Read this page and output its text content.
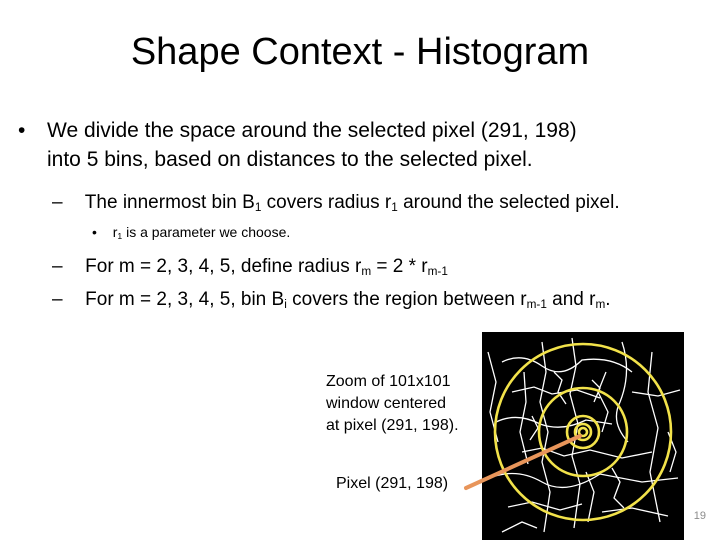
Shape Context - Histogram
• We divide the space around the selected pixel (291, 198)
into 5 bins, based on distances to the selected pixel.
– The innermost bin $B_1$ covers radius $r_1$ around the selected pixel.
• $r_1$ is a parameter we choose.
– For m = 2, 3, 4, 5, define radius $r_m = 2 * r_{m-1}$
– For m = 2, 3, 4, 5, bin $B_i$ covers the region between $r_{m-1}$ and $r_m$.
Zoom of 101x101
window centered
at pixel (291, 198).
Pixel (291, 198)
19
